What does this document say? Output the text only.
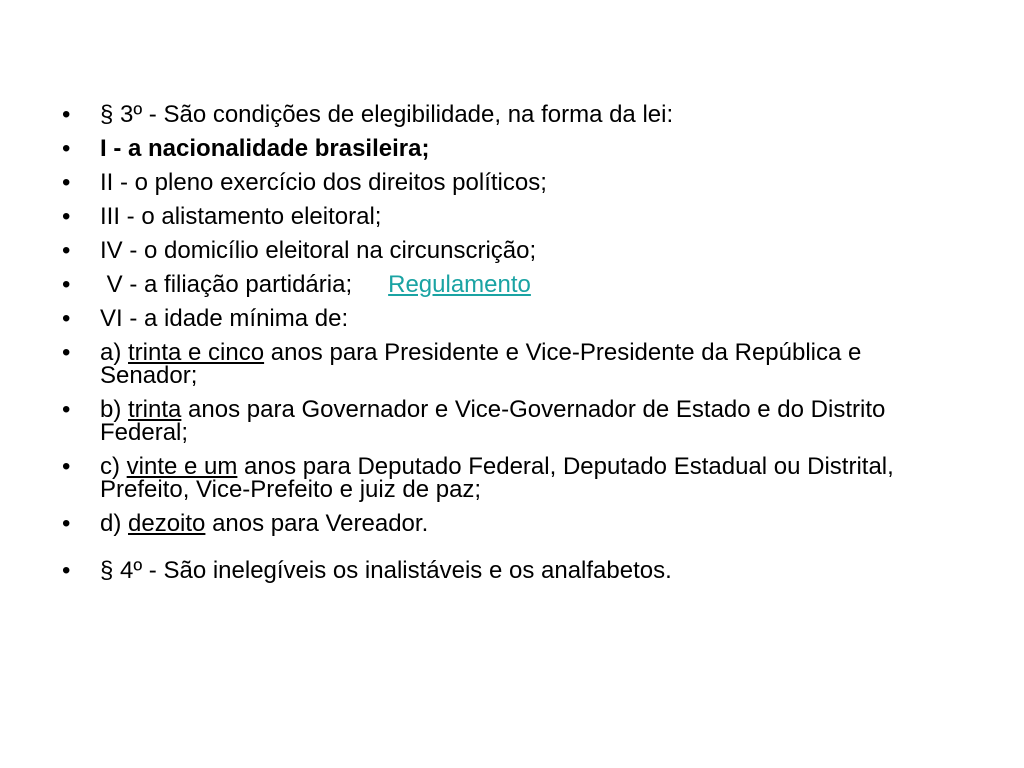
• § 3º - São condições de elegibilidade, na forma da lei:
• I - a nacionalidade brasileira;
• II - o pleno exercício dos direitos políticos;
• III - o alistamento eleitoral;
• IV - o domicílio eleitoral na circunscrição;
• V - a filiação partidária; Regulamento
• VI - a idade mínima de:
• a) trinta e cinco anos para Presidente e Vice-Presidente da República e Senador;
• b) trinta anos para Governador e Vice-Governador de Estado e do Distrito Federal;
• c) vinte e um anos para Deputado Federal, Deputado Estadual ou Distrital, Prefeito, Vice-Prefeito e juiz de paz;
• d) dezoito anos para Vereador.
• § 4º - São inelegíveis os inalistáveis e os analfabetos.
